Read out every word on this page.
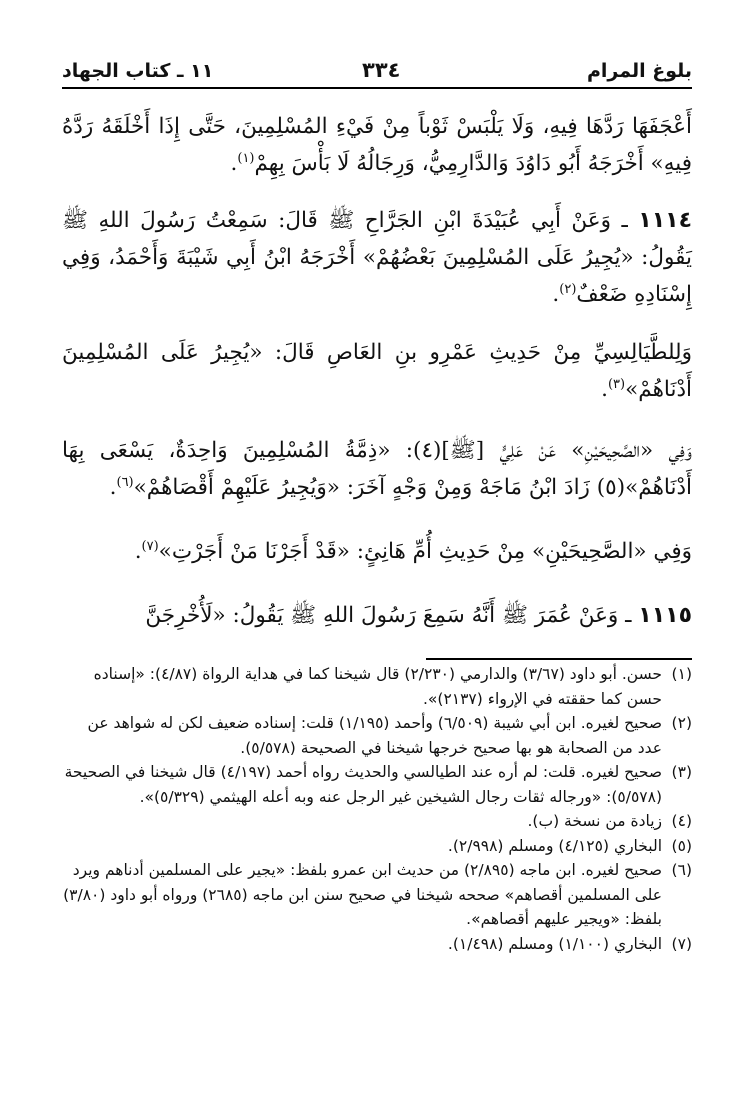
بلوغ المرام
٣٣٤
١١ ـ كتاب الجهاد
أَعْجَفَهَا رَدَّهَا فِيهِ، وَلَا يَلْبَسْ ثَوْباً مِنْ فَيْءِ المُسْلِمِينَ، حَتَّى إِذَا أَخْلَقَهُ رَدَّهُ فِيهِ» أَخْرَجَهُ أَبُو دَاوُدَ وَالدَّارِمِيُّ، وَرِجَالُهُ لَا بَأْسَ بِهِمْ$^{(١)}$.
١١١٤ ـ وَعَنْ أَبِي عُبَيْدَةَ ابْنِ الجَرَّاحِ ﷺ قَالَ: سَمِعْتُ رَسُولَ اللهِ ﷺ يَقُولُ: «يُجِيرُ عَلَى المُسْلِمِينَ بَعْضُهُمْ» أَخْرَجَهُ ابْنُ أَبِي شَيْبَةَ وَأَحْمَدُ، وَفِي إِسْنَادِهِ ضَعْفٌ$^{(٢)}$.
وَلِلطَّيَالِسِيِّ مِنْ حَدِيثِ عَمْرِو بنِ العَاصِ قَالَ: «يُجِيرُ عَلَى المُسْلِمِينَ أَدْنَاهُمْ»$^{(٣)}$.
وَفِي «الصَّحِيحَيْنِ» عَنْ عَلِيٍّ [ﷺ](٤): «ذِمَّةُ المُسْلِمِينَ وَاحِدَةٌ، يَسْعَى بِهَا أَدْنَاهُمْ»(٥) زَادَ ابْنُ مَاجَهْ وَمِنْ وَجْهٍ آخَرَ: «وَيُجِيرُ عَلَيْهِمْ أَقْصَاهُمْ»$^{(٦)}$.
وَفِي «الصَّحِيحَيْنِ» مِنْ حَدِيثِ أُمِّ هَانِئٍ: «قَدْ أَجَرْنَا مَنْ أَجَرْتِ»$^{(٧)}$.
١١١٥ ـ وَعَنْ عُمَرَ ﷺ أَنَّهُ سَمِعَ رَسُولَ اللهِ ﷺ يَقُولُ: «لَأُخْرِجَنَّ

(١)
حسن. أبو داود (٣/٦٧) والدارمي (٢/٢٣٠) قال شيخنا كما في هداية الرواة (٤/٨٧): «إسناده حسن كما حققته في الإرواء (٢١٣٧)».

(٢)
صحيح لغيره. ابن أبي شيبة (٦/٥٠٩) وأحمد (١/١٩٥) قلت: إسناده ضعيف لكن له شواهد عن عدد من الصحابة هو بها صحيح خرجها شيخنا في الصحيحة (٥/٥٧٨).

(٣)
صحيح لغيره. قلت: لم أره عند الطيالسي والحديث رواه أحمد (٤/١٩٧) قال شيخنا في الصحيحة (٥/٥٧٨): «ورجاله ثقات رجال الشيخين غير الرجل عنه وبه أعله الهيثمي (٥/٣٢٩)».

(٤)
زيادة من نسخة (ب).

(٥)
البخاري (٤/١٢٥) ومسلم (٢/٩٩٨).

(٦)
صحيح لغيره. ابن ماجه (٢/٨٩٥) من حديث ابن عمرو بلفظ: «يجير على المسلمين أدناهم ويرد على المسلمين أقصاهم» صححه شيخنا في صحيح سنن ابن ماجه (٢٦٨٥) ورواه أبو داود (٣/٨٠) بلفظ: «ويجير عليهم أقصاهم».

(٧)
البخاري (١/١٠٠) ومسلم (١/٤٩٨).
